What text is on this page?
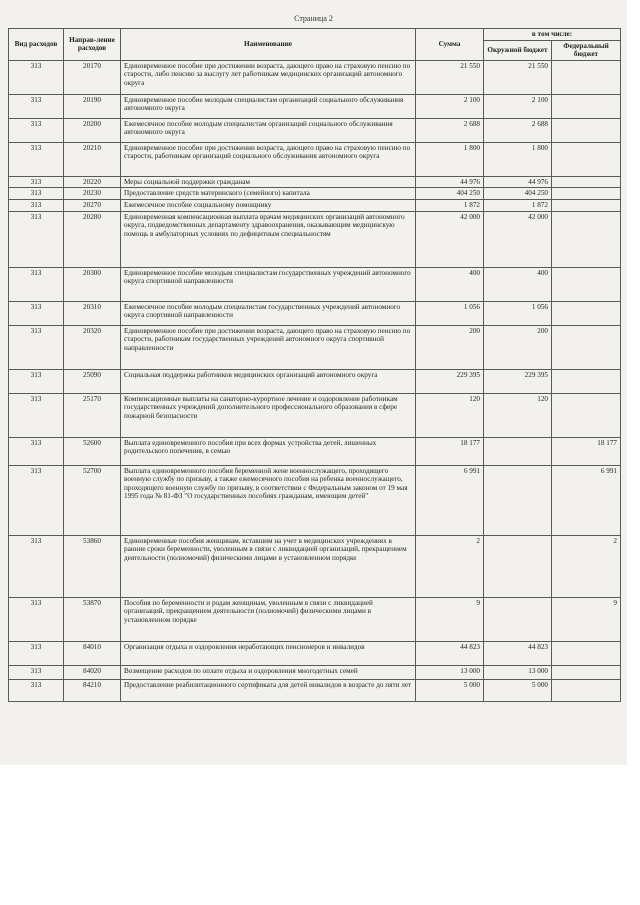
Страница 2
Вид расходов	Направ-ление расходов	Наименование	Сумма	в том числе:	
				Окружной бюджет	Федеральный бюджет
313	20170	Единовременное пособие при достижении возраста, дающего право на страховую пенсию по старости, либо пенсию за выслугу лет работникам медицинских организаций автономного округа	21 550	21 550	
313	20190	Единовременное пособие молодым специалистам организаций социального обслуживания автономного округа	2 100	2 100	
313	20200	Ежемесячное пособие молодым специалистам организаций социального обслуживания автономного округа	2 688	2 688	
313	20210	Единовременное пособие при достижении возраста, дающего право на страховую пенсию по старости, работникам организаций социального обслуживания автономного округа	1 800	1 800	
313	20220	Меры социальной поддержки гражданам	44 976	44 976	
313	20230	Предоставление средств материнского (семейного) капитала	404 250	404 250	
313	20270	Ежемесячное пособие социальному помощнику	1 872	1 872	
313	20280	Единовременная компенсационная выплата врачам медицинских организаций автономного округа, подведомственных департаменту здравоохранения, оказывающим медицинскую помощь в амбулаторных условиях по дефицитным специальностям	42 000	42 000	
313	20300	Единовременное пособие молодым специалистам государственных учреждений автономного округа спортивной направленности	400	400	
313	20310	Ежемесячное пособие молодым специалистам государственных учреждений автономного округа спортивной направленности	1 056	1 056	
313	20320	Единовременное пособие при достижении возраста, дающего право на страховую пенсию по старости, работникам государственных учреждений автономного округа спортивной направленности	200	200	
313	25090	Социальная поддержка работников медицинских организаций автономного округа	229 395	229 395	
313	25170	Компенсационные выплаты на санаторно-курортное лечение и оздоровление работникам государственных учреждений дополнительного профессионального образования в сфере пожарной безопасности	120	120	
313	52600	Выплата единовременного пособия при всех формах устройства детей, лишенных родительского попечения, в семью	18 177		18 177
313	52700	Выплата единовременного пособия беременной жене военнослужащего, проходящего военную службу по призыву, а также ежемесячного пособия на ребенка военнослужащего, проходящего военную службу по призыву, в соответствии с Федеральным законом от 19 мая 1995 года № 81-ФЗ "О государственных пособиях гражданам, имеющим детей"	6 991		6 991
313	53860	Единовременные пособия женщинам, вставшим на учет в медицинских учреждениях в ранние сроки беременности, уволенным в связи с ликвидацией организаций, прекращением деятельности (полномочий) физическими лицами в установленном порядке	2		2
313	53870	Пособия по беременности и родам женщинам, уволенным в связи с ликвидацией организаций, прекращением деятельности (полномочий) физическими лицами в установленном порядке	9		9
313	84010	Организация отдыха и оздоровления неработающих пенсионеров и инвалидов	44 823	44 823	
313	84020	Возмещение расходов по оплате отдыха и оздоровления многодетных семей	13 000	13 000	
313	84210	Предоставление реабилитационного сертификата для детей инвалидов в возрасте до пяти лет	5 000	5 000	
